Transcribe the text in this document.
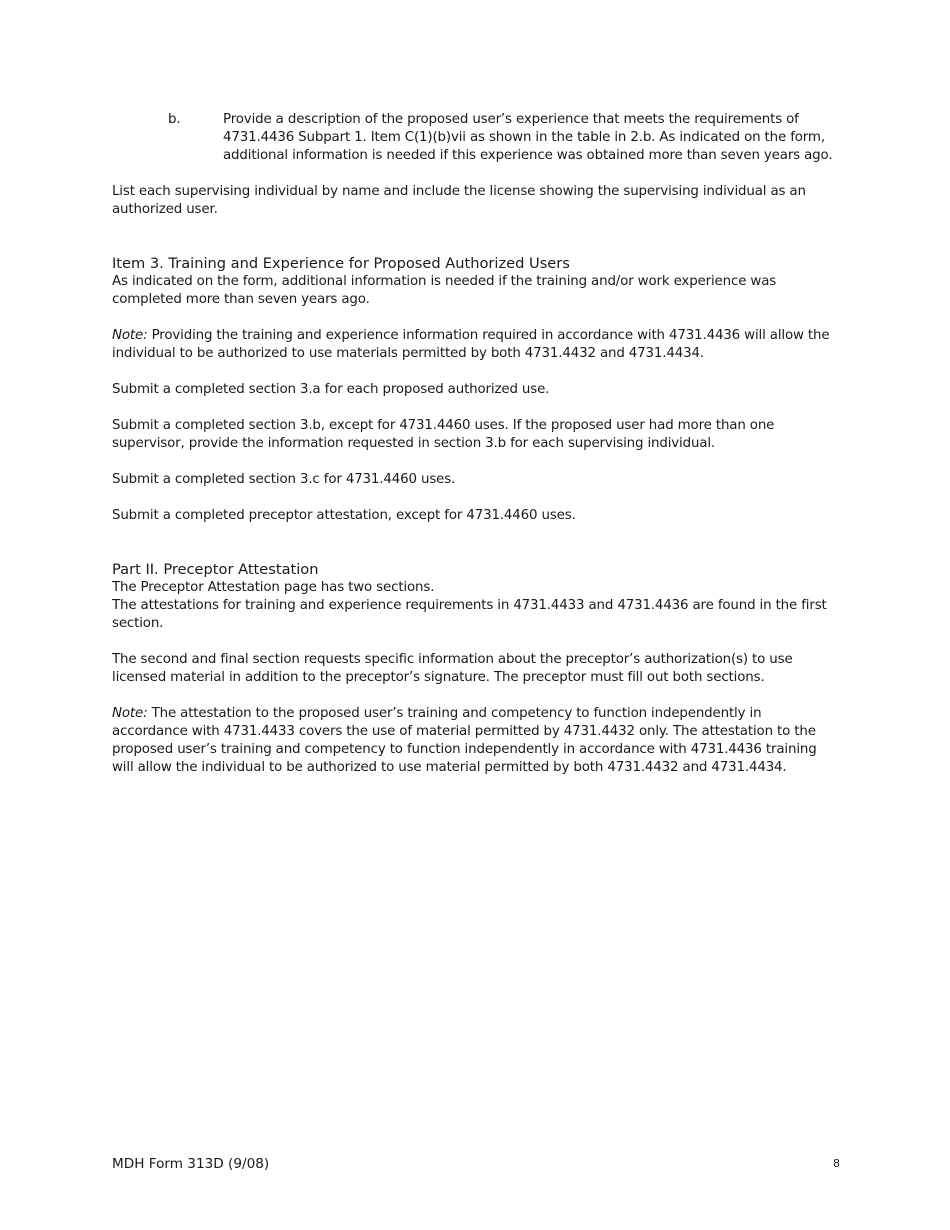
b.	Provide a description of the proposed user’s experience that meets the requirements of 4731.4436 Subpart 1. Item C(1)(b)vii as shown in the table in 2.b. As indicated on the form, additional information is needed if this experience was obtained more than seven years ago.

List each supervising individual by name and include the license showing the supervising individual as an authorized user.

Item 3. Training and Experience for Proposed Authorized Users

As indicated on the form, additional information is needed if the training and/or work experience was completed more than seven years ago.

Note: Providing the training and experience information required in accordance with 4731.4436 will allow the individual to be authorized to use materials permitted by both 4731.4432 and 4731.4434.

Submit a completed section 3.a for each proposed authorized use.

Submit a completed section 3.b, except for 4731.4460 uses. If the proposed user had more than one supervisor, provide the information requested in section 3.b for each supervising individual.

Submit a completed section 3.c for 4731.4460 uses.

Submit a completed preceptor attestation, except for 4731.4460 uses.

Part II. Preceptor Attestation

The Preceptor Attestation page has two sections.

The attestations for training and experience requirements in 4731.4433 and 4731.4436 are found in the first section.

The second and final section requests specific information about the preceptor’s authorization(s) to use licensed material in addition to the preceptor’s signature. The preceptor must fill out both sections.

Note: The attestation to the proposed user’s training and competency to function independently in accordance with 4731.4433 covers the use of material permitted by 4731.4432 only. The attestation to the proposed user’s training and competency to function independently in accordance with 4731.4436 training will allow the individual to be authorized to use material permitted by both 4731.4432 and 4731.4434.

MDH Form 313D (9/08)	8
